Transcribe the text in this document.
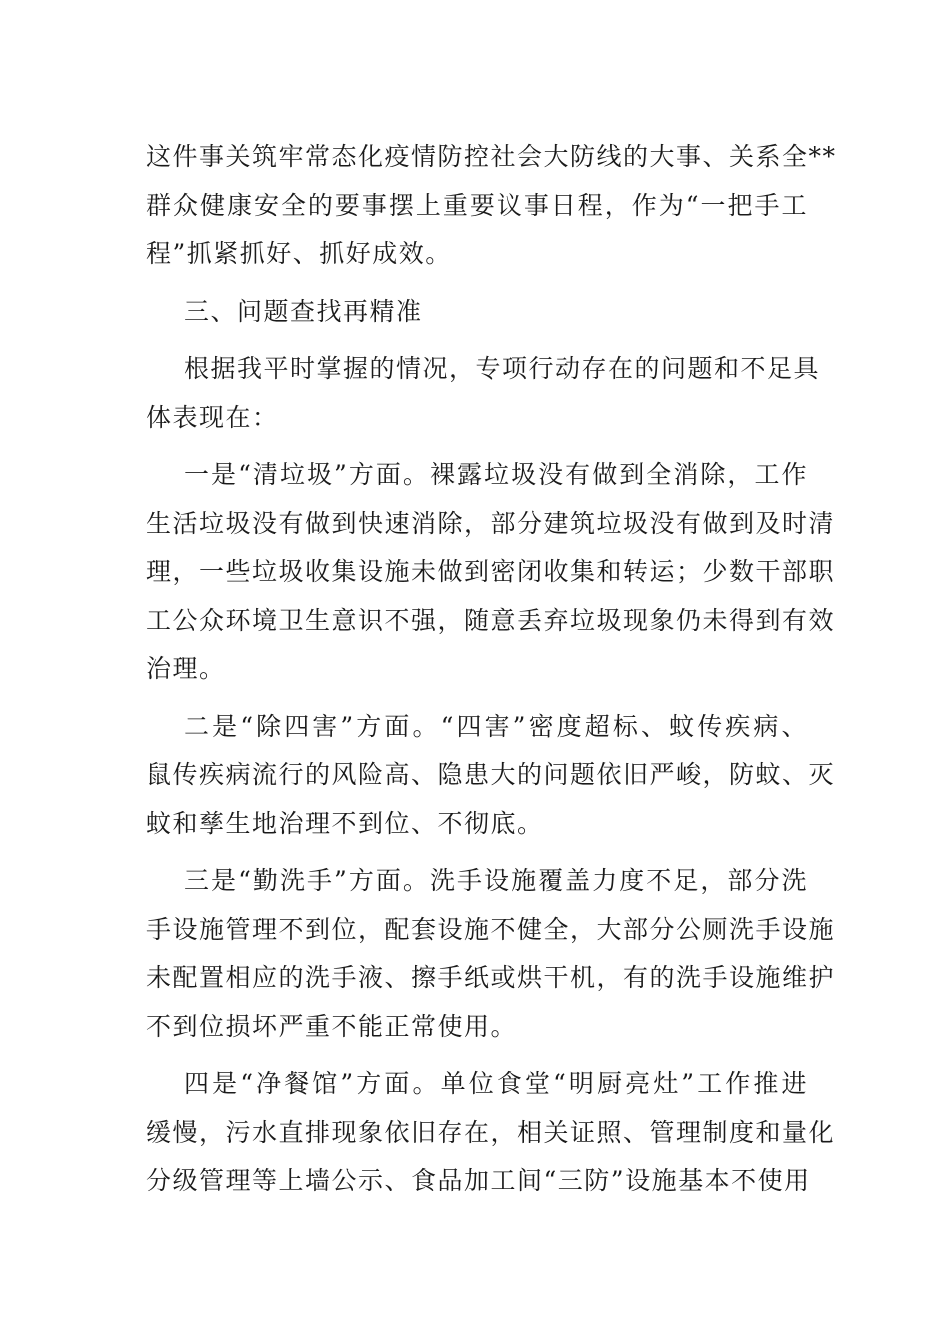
这件事关筑牢常态化疫情防控社会大防线的大事、关系全**
群众健康安全的要事摆上重要议事日程，作为“一把手工
程”抓紧抓好、抓好成效。
三、问题查找再精准
根据我平时掌握的情况，专项行动存在的问题和不足具
体表现在：
一是“清垃圾”方面。裸露垃圾没有做到全消除，工作
生活垃圾没有做到快速消除，部分建筑垃圾没有做到及时清
理，一些垃圾收集设施未做到密闭收集和转运；少数干部职
工公众环境卫生意识不强，随意丢弃垃圾现象仍未得到有效
治理。
二是“除四害”方面。“四害”密度超标、蚊传疾病、
鼠传疾病流行的风险高、隐患大的问题依旧严峻，防蚊、灭
蚊和孳生地治理不到位、不彻底。
三是“勤洗手”方面。洗手设施覆盖力度不足，部分洗
手设施管理不到位，配套设施不健全，大部分公厕洗手设施
未配置相应的洗手液、擦手纸或烘干机，有的洗手设施维护
不到位损坏严重不能正常使用。
四是“净餐馆”方面。单位食堂“明厨亮灶”工作推进
缓慢，污水直排现象依旧存在，相关证照、管理制度和量化
分级管理等上墙公示、食品加工间“三防”设施基本不使用
